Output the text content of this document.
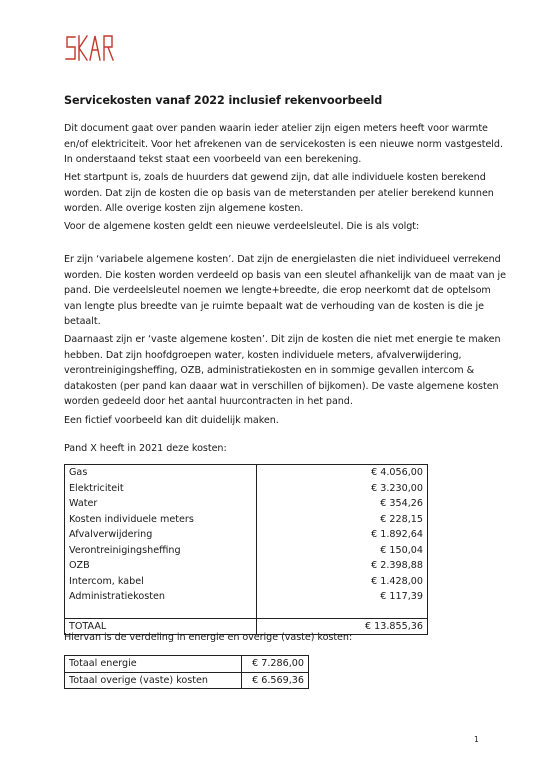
Servicekosten vanaf 2022 inclusief rekenvoorbeeld

Dit document gaat over panden waarin ieder atelier zijn eigen meters heeft voor warmte
en/of elektriciteit. Voor het afrekenen van de servicekosten is een nieuwe norm vastgesteld.
In onderstaand tekst staat een voorbeeld van een berekening.

Het startpunt is, zoals de huurders dat gewend zijn, dat alle individuele kosten berekend
worden. Dat zijn de kosten die op basis van de meterstanden per atelier berekend kunnen
worden. Alle overige kosten zijn algemene kosten.

Voor de algemene kosten geldt een nieuwe verdeelsleutel. Die is als volgt:

Er zijn ‘variabele algemene kosten’. Dat zijn de energielasten die niet individueel verrekend
worden. Die kosten worden verdeeld op basis van een sleutel afhankelijk van de maat van je
pand. Die verdeelsleutel noemen we lengte+breedte, die erop neerkomt dat de optelsom
van lengte plus breedte van je ruimte bepaalt wat de verhouding van de kosten is die je
betaalt.

Daarnaast zijn er ‘vaste algemene kosten’. Dit zijn de kosten die niet met energie te maken
hebben. Dat zijn hoofdgroepen water, kosten individuele meters, afvalverwijdering,
verontreinigingsheffing, OZB, administratiekosten en in sommige gevallen intercom &
datakosten (per pand kan daaar wat in verschillen of bijkomen). De vaste algemene kosten
worden gedeeld door het aantal huurcontracten in het pand.

Een fictief voorbeeld kan dit duidelijk maken.

Pand X heeft in 2021 deze kosten:

Gas	€ 4.056,00
Elektriciteit	€ 3.230,00
Water	€ 354,26
Kosten individuele meters	€ 228,15
Afvalverwijdering	€ 1.892,64
Verontreinigingsheffing	€ 150,04
OZB	€ 2.398,88
Intercom, kabel	€ 1.428,00
Administratiekosten	€ 117,39

TOTAAL	€ 13.855,36

Hiervan is de verdeling in energie en overige (vaste) kosten:

Totaal energie	€ 7.286,00
Totaal overige (vaste) kosten	€ 6.569,36
1
